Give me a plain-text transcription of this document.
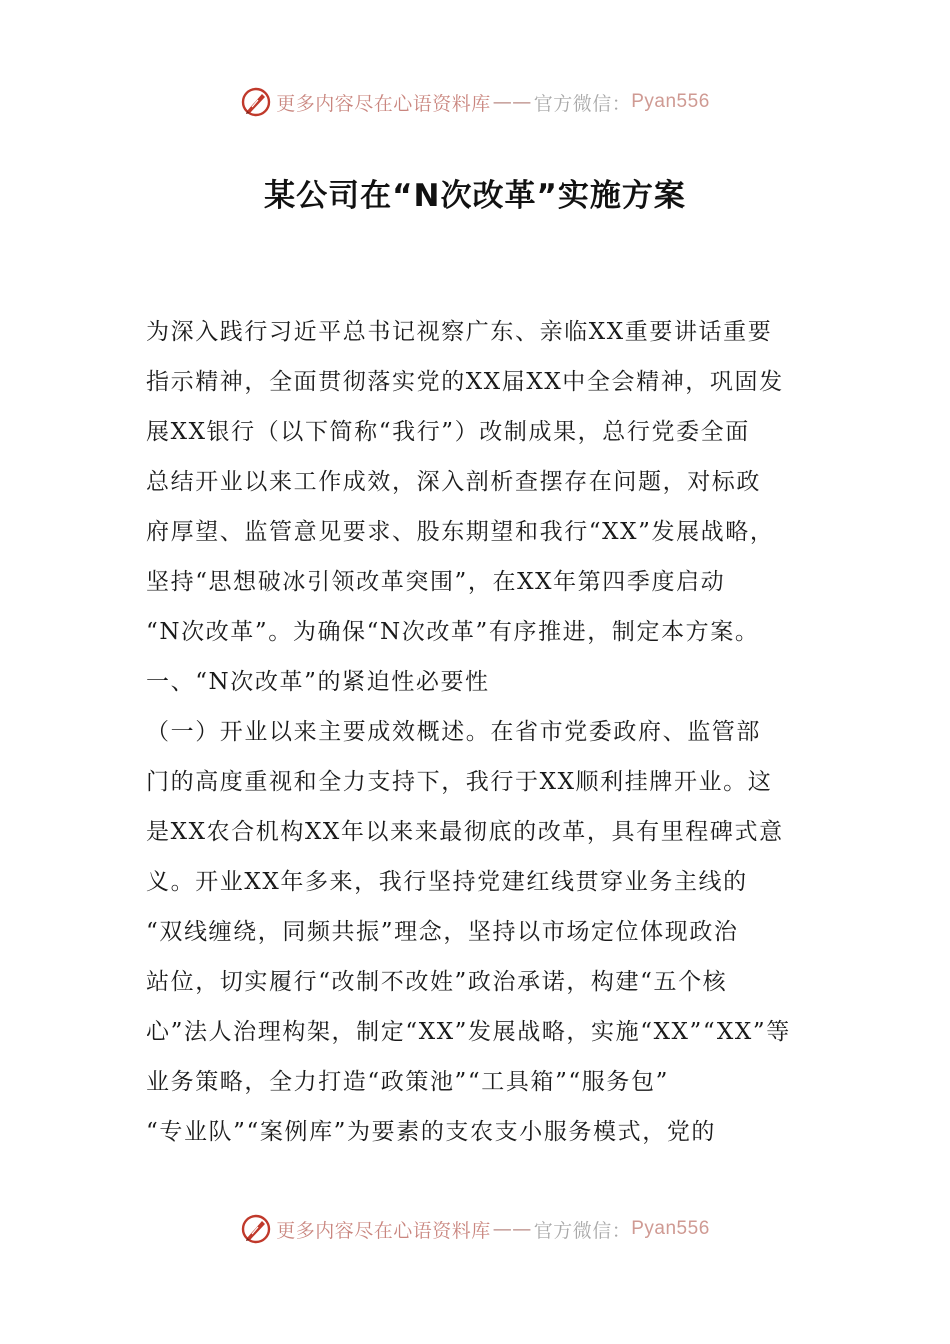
更多内容尽在心语资料库 —— 官方微信： Pyan556
某公司在“N次改革”实施方案
为深入践行习近平总书记视察广东、亲临XX重要讲话重要
指示精神，全面贯彻落实党的XX届XX中全会精神，巩固发
展XX银行（以下简称“我行”）改制成果，总行党委全面
总结开业以来工作成效，深入剖析查摆存在问题，对标政
府厚望、监管意见要求、股东期望和我行“XX”发展战略，
坚持“思想破冰引领改革突围”，在XX年第四季度启动
“N次改革”。为确保“N次改革”有序推进，制定本方案。
一、“N次改革”的紧迫性必要性
（一）开业以来主要成效概述。在省市党委政府、监管部
门的高度重视和全力支持下，我行于XX顺利挂牌开业。这
是XX农合机构XX年以来来最彻底的改革，具有里程碑式意
义。开业XX年多来，我行坚持党建红线贯穿业务主线的
“双线缠绕，同频共振”理念，坚持以市场定位体现政治
站位，切实履行“改制不改姓”政治承诺，构建“五个核
心”法人治理构架，制定“XX”发展战略，实施“XX”“XX”等
业务策略，全力打造“政策池”“工具箱”“服务包”
“专业队”“案例库”为要素的支农支小服务模式，党的
更多内容尽在心语资料库 —— 官方微信： Pyan556
